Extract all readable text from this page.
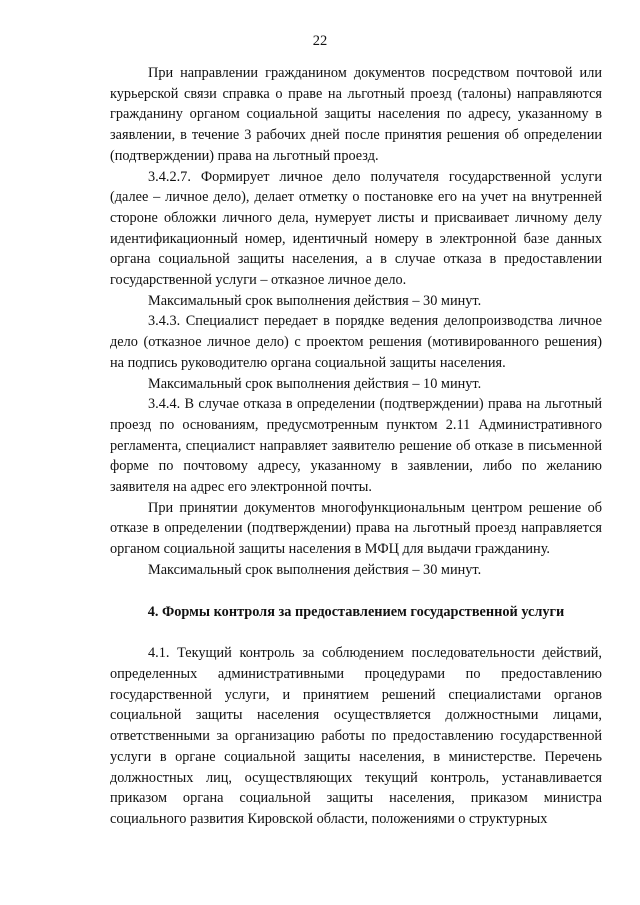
22

При направлении гражданином документов посредством почтовой или курьерской связи справка о праве на льготный проезд (талоны) направляются гражданину органом социальной защиты населения по адресу, указанному в заявлении, в течение 3 рабочих дней после принятия решения об определении (подтверждении) права на льготный проезд.

3.4.2.7. Формирует личное дело получателя государственной услуги (далее – личное дело), делает отметку о постановке его на учет на внутренней стороне обложки личного дела, нумерует листы и присваивает личному делу идентификационный номер, идентичный номеру в электронной базе данных органа социальной защиты населения, а в случае отказа в предоставлении государственной услуги – отказное личное дело.

Максимальный срок выполнения действия – 30 минут.

3.4.3. Специалист передает в порядке ведения делопроизводства личное дело (отказное личное дело) с проектом решения (мотивированного решения) на подпись руководителю органа социальной защиты населения.

Максимальный срок выполнения действия – 10 минут.

3.4.4. В случае отказа в определении (подтверждении) права на льготный проезд по основаниям, предусмотренным пунктом 2.11 Административного регламента, специалист направляет заявителю решение об отказе в письменной форме по почтовому адресу, указанному в заявлении, либо по желанию заявителя на адрес его электронной почты.

При принятии документов многофункциональным центром решение об отказе в определении (подтверждении) права на льготный проезд направляется органом социальной защиты населения в МФЦ для выдачи гражданину.

Максимальный срок выполнения действия – 30 минут.

4. Формы контроля за предоставлением государственной услуги

4.1. Текущий контроль за соблюдением последовательности действий, определенных административными процедурами по предоставлению государственной услуги, и принятием решений специалистами органов социальной защиты населения осуществляется должностными лицами, ответственными за организацию работы по предоставлению государственной услуги в органе социальной защиты населения, в министерстве. Перечень должностных лиц, осуществляющих текущий контроль, устанавливается приказом органа социальной защиты населения, приказом министра социального развития Кировской области, положениями о структурных
